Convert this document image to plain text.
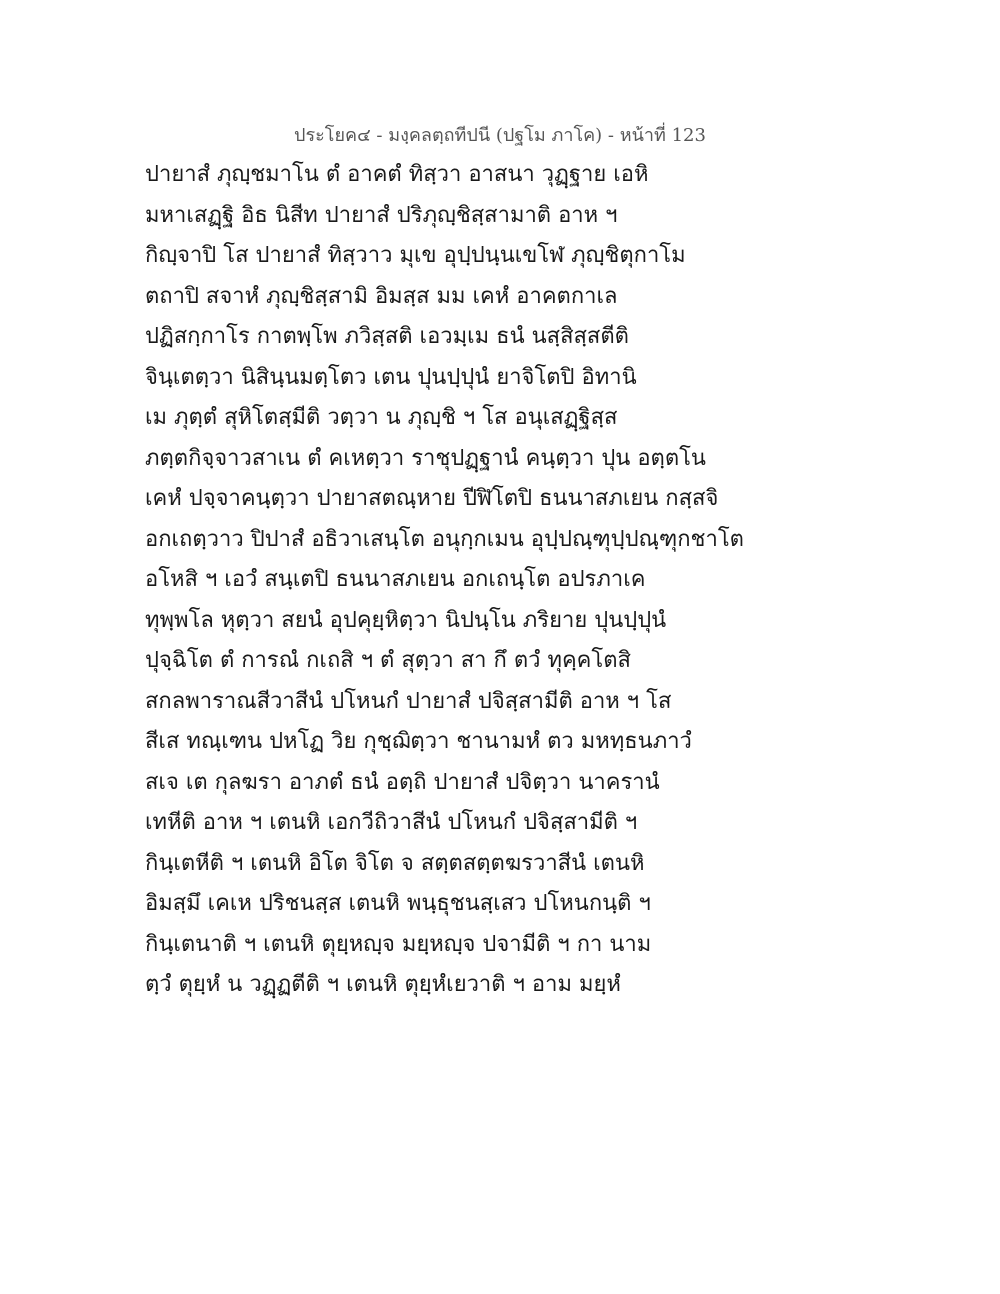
ประโยค๔ - มงฺคลตฺถทีปนี (ปฐโม ภาโค) - หน้าที่ 123
ปายาสํ ภุญฺชมาโน ตํ อาคตํ ทิสฺวา อาสนา วุฏฺฐาย เอหิ
มหาเสฏฺฐิ อิธ นิสีท ปายาสํ ปริภุญฺชิสฺสามาติ อาห ฯ
กิญฺจาปิ โส ปายาสํ ทิสฺวาว มุเข อุปฺปนฺนเขโฬ ภุญฺชิตุกาโม
ตถาปิ สจาหํ ภุญฺชิสฺสามิ อิมสฺส มม เคหํ อาคตกาเล
ปฏิสกฺกาโร กาตพฺโพ ภวิสฺสติ เอวมฺเม ธนํ นสฺสิสฺสตีติ
จินฺเตตฺวา นิสินฺนมตฺโตว เตน ปุนปฺปุนํ ยาจิโตปิ อิทานิ
เม ภุตฺตํ สุหิโตสฺมีติ วตฺวา น ภุญฺชิ ฯ โส อนุเสฏฺฐิสฺส
ภตฺตกิจฺจาวสาเน ตํ คเหตฺวา ราชุปฏฺฐานํ คนฺตฺวา ปุน อตฺตโน
เคหํ ปจฺจาคนฺตฺวา ปายาสตณฺหาย ปีฬิโตปิ ธนนาสภเยน กสฺสจิ
อกเถตฺวาว ปิปาสํ อธิวาเสนฺโต อนุกฺกเมน อุปฺปณฺฑุปฺปณฺฑุกชาโต
อโหสิ ฯ เอวํ สนฺเตปิ ธนนาสภเยน อกเถนฺโต อปรภาเค
ทุพฺพโล หุตฺวา สยนํ อุปคุยฺหิตฺวา นิปนฺโน ภริยาย ปุนปฺปุนํ
ปุจฺฉิโต ตํ การณํ กเถสิ ฯ ตํ สุตฺวา สา กึ ตวํ ทุคฺคโตสิ
สกลพาราณสีวาสีนํ ปโหนกํ ปายาสํ ปจิสฺสามีติ อาห ฯ โส
สีเส ทณฺเฑน ปหโฏ วิย กุชฺฌิตฺวา ชานามหํ ตว มหทฺธนภาวํ
สเจ เต กุลฆรา อาภตํ ธนํ อตฺถิ ปายาสํ ปจิตฺวา นาครานํ
เทหีติ อาห ฯ เตนหิ เอกวีถิวาสีนํ ปโหนกํ ปจิสฺสามีติ ฯ
กินฺเตหีติ ฯ เตนหิ อิโต จิโต จ สตฺตสตฺตฆรวาสีนํ เตนหิ
อิมสฺมึ เคเห ปริชนสฺส เตนหิ พนฺธุชนสฺเสว ปโหนกนฺติ ฯ
กินฺเตนาติ ฯ เตนหิ ตุยฺหญฺจ มยฺหญฺจ ปจามีติ ฯ กา นาม
ตฺวํ ตุยฺหํ น วฏฺฏตีติ ฯ เตนหิ ตุยฺหํเยวาติ ฯ อาม มยฺหํ
